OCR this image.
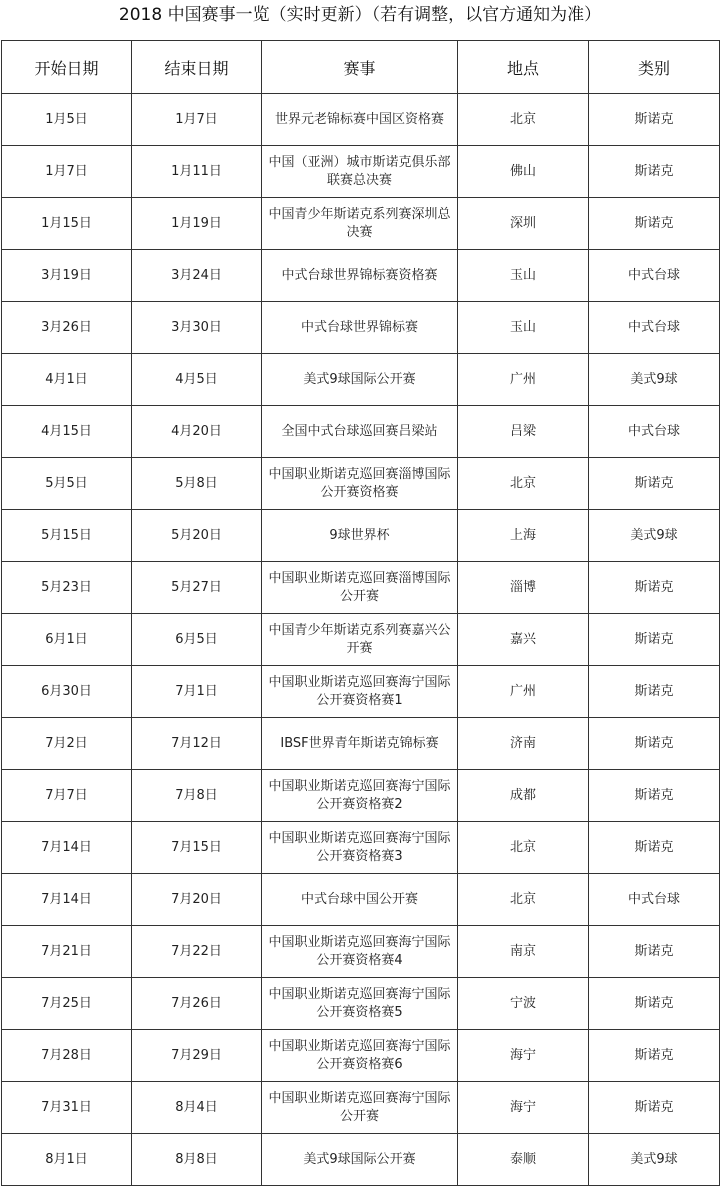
2018 中国赛事一览（实时更新）（若有调整，以官方通知为准）
开始日期	结束日期	赛事	地点	类别
1月5日	1月7日	世界元老锦标赛中国区资格赛	北京	斯诺克
1月7日	1月11日	中国（亚洲）城市斯诺克俱乐部联赛总决赛	佛山	斯诺克
1月15日	1月19日	中国青少年斯诺克系列赛深圳总决赛	深圳	斯诺克
3月19日	3月24日	中式台球世界锦标赛资格赛	玉山	中式台球
3月26日	3月30日	中式台球世界锦标赛	玉山	中式台球
4月1日	4月5日	美式9球国际公开赛	广州	美式9球
4月15日	4月20日	全国中式台球巡回赛吕梁站	吕梁	中式台球
5月5日	5月8日	中国职业斯诺克巡回赛淄博国际公开赛资格赛	北京	斯诺克
5月15日	5月20日	9球世界杯	上海	美式9球
5月23日	5月27日	中国职业斯诺克巡回赛淄博国际公开赛	淄博	斯诺克
6月1日	6月5日	中国青少年斯诺克系列赛嘉兴公开赛	嘉兴	斯诺克
6月30日	7月1日	中国职业斯诺克巡回赛海宁国际公开赛资格赛1	广州	斯诺克
7月2日	7月12日	IBSF世界青年斯诺克锦标赛	济南	斯诺克
7月7日	7月8日	中国职业斯诺克巡回赛海宁国际公开赛资格赛2	成都	斯诺克
7月14日	7月15日	中国职业斯诺克巡回赛海宁国际公开赛资格赛3	北京	斯诺克
7月14日	7月20日	中式台球中国公开赛	北京	中式台球
7月21日	7月22日	中国职业斯诺克巡回赛海宁国际公开赛资格赛4	南京	斯诺克
7月25日	7月26日	中国职业斯诺克巡回赛海宁国际公开赛资格赛5	宁波	斯诺克
7月28日	7月29日	中国职业斯诺克巡回赛海宁国际公开赛资格赛6	海宁	斯诺克
7月31日	8月4日	中国职业斯诺克巡回赛海宁国际公开赛	海宁	斯诺克
8月1日	8月8日	美式9球国际公开赛	泰顺	美式9球
